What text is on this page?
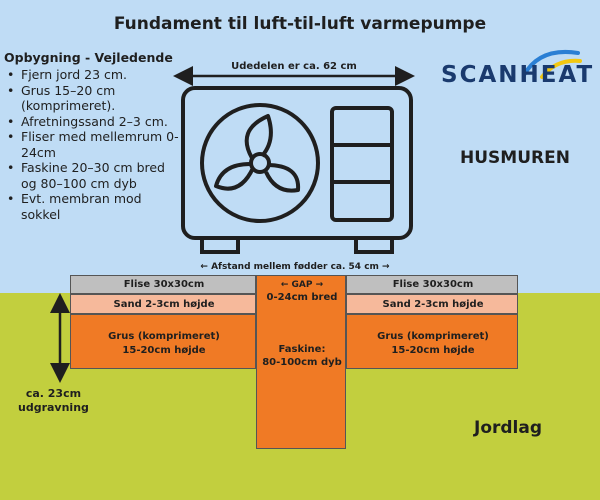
Fundament til luft-til-luft varmepumpe
Opbygning - Vejledende
• Fjern jord 23 cm.
• Grus 15–20 cm (komprimeret).
• Afretningssand 2–3 cm.
• Fliser med mellemrum 0-24cm
• Faskine 20–30 cm bred og 80–100 cm dyb
• Evt. membran mod sokkel
SCANHEAT
HUSMUREN
Udedelen er ca. 62 cm
← Afstand mellem fødder ca. 54 cm →
Flise 30x30cm
Sand 2-3cm højde
Grus (komprimeret)
15-20cm højde
← GAP →
0-24cm bred
Faskine:
80-100cm dyb
Flise 30x30cm
Sand 2-3cm højde
Grus (komprimeret)
15-20cm højde
ca. 23cm
udgravning
Jordlag
